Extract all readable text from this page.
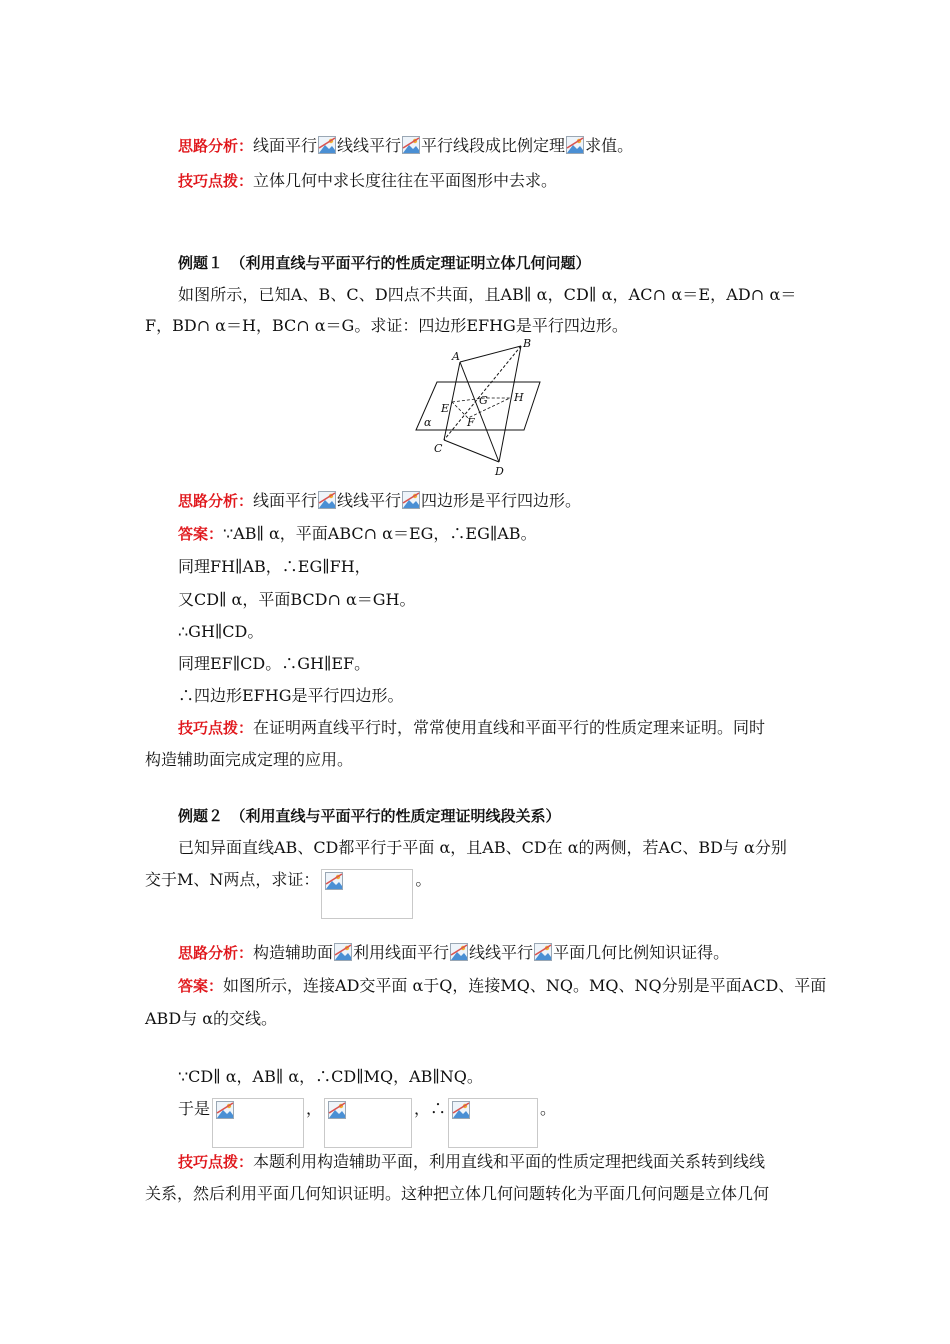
思路分析：线面平行 线线平行 平行线段成比例定理 求值。
技巧点拨：立体几何中求长度往往在平面图形中去求。
例题１　（利用直线与平面平行的性质定理证明立体几何问题）
如图所示，已知A、B、C、D四点不共面，且AB∥ α，CD∥ α，AC∩ α＝E，AD∩ α＝
F，BD∩ α＝H，BC∩ α＝G。求证：四边形EFHG是平行四边形。
A
B
E
G H
α	F
C
D
思路分析：线面平行 线线平行 四边形是平行四边形。
答案：∵AB∥ α，平面ABC∩ α＝EG，∴EG∥AB。
同理FH∥AB，∴EG∥FH，
又CD∥ α，平面BCD∩ α＝GH。
∴GH∥CD。
同理EF∥CD。∴GH∥EF。
∴四边形EFHG是平行四边形。
技巧点拨：在证明两直线平行时，常常使用直线和平面平行的性质定理来证明。同时
构造辅助面完成定理的应用。
例题２　（利用直线与平面平行的性质定理证明线段关系）
已知异面直线AB、CD都平行于平面 α，且AB、CD在 α的两侧，若AC、BD与 α分别
交于M、N两点，求证：	。
思路分析：构造辅助面 利用线面平行 线线平行 平面几何比例知识证得。
答案：如图所示，连接AD交平面 α于Q，连接MQ、NQ。MQ、NQ分别是平面ACD、平面
ABD与 α的交线。
∵CD∥ α，AB∥ α，∴CD∥MQ，AB∥NQ。
于是	，	，∴	。
技巧点拨：本题利用构造辅助平面，利用直线和平面的性质定理把线面关系转到线线
关系，然后利用平面几何知识证明。这种把立体几何问题转化为平面几何问题是立体几何
